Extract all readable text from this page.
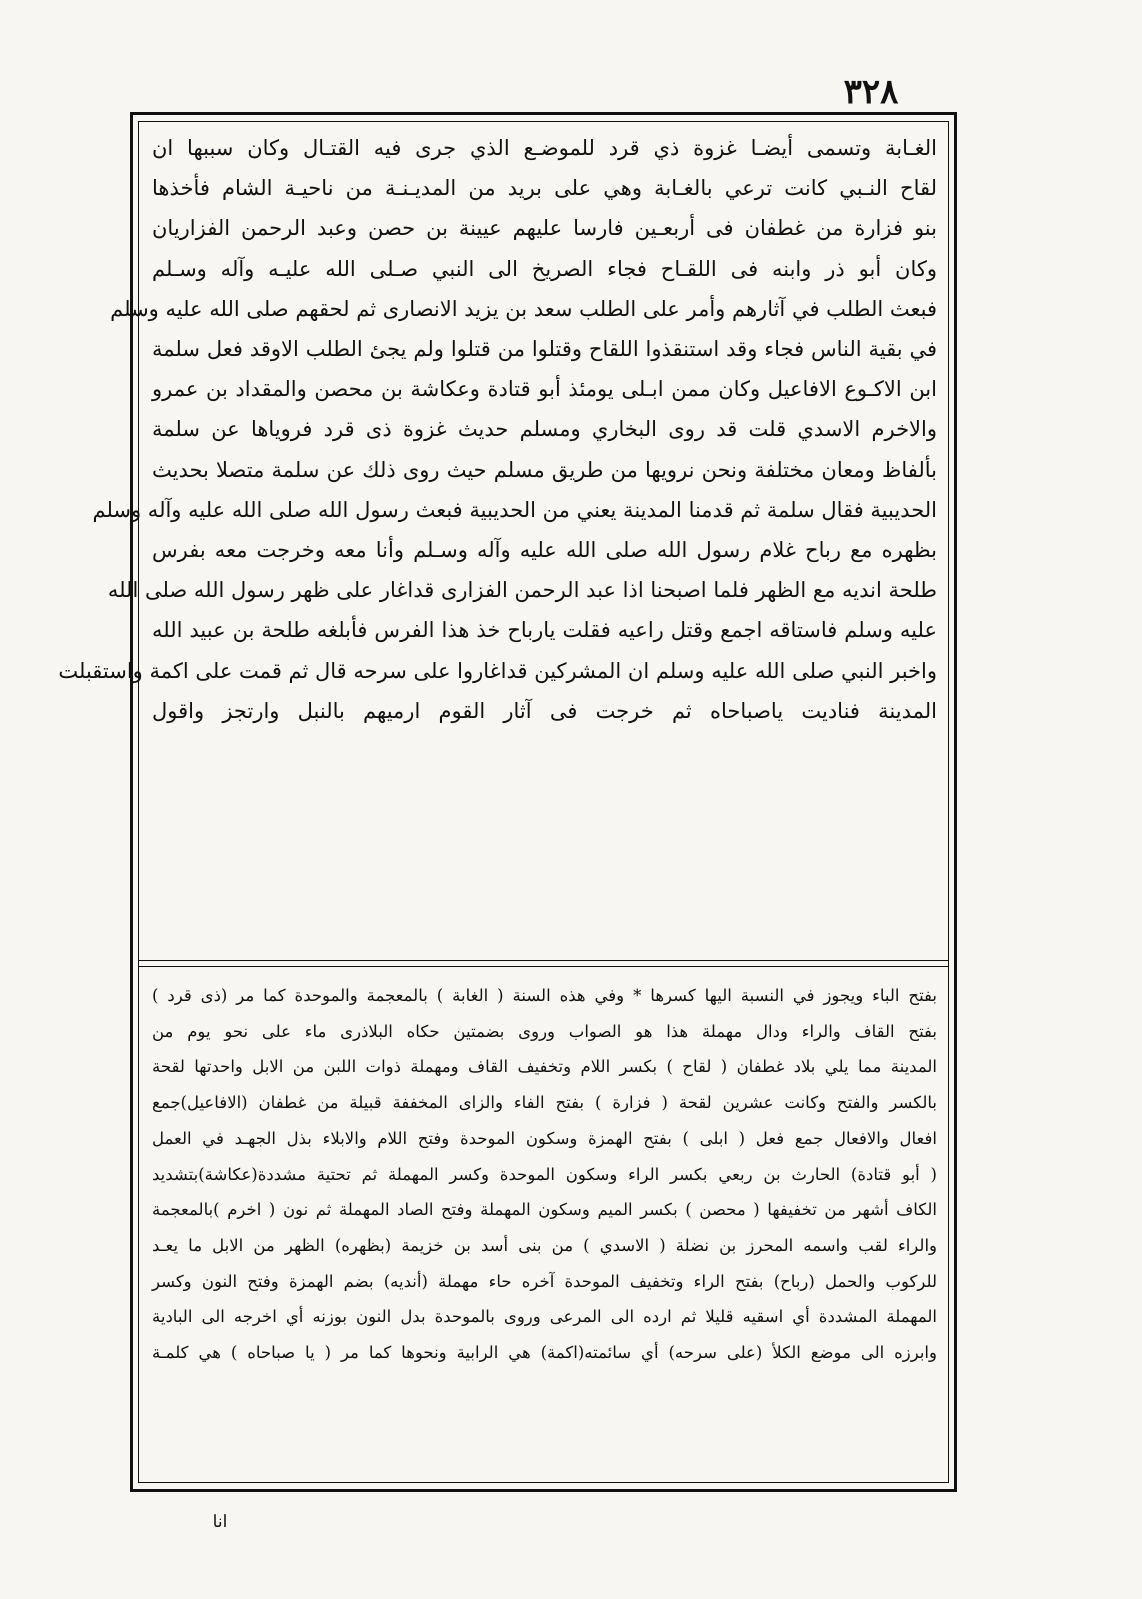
٣٢٨
الغـابة وتسمى أيضـا غزوة ذي قرد للموضـع الذي جرى فيه القتـال وكان سببها ان
لقاح النـبي كانت ترعي بالغـابة وهي على بريد من المديـنـة من ناحيـة الشام فأخذها
بنو فزارة من غطفان فى أربعـين فارسا عليهم عيينة بن حصن وعبد الرحمن الفزاريان
وكان أبو ذر وابنه فى اللقـاح فجاء الصريخ الى النبي صـلى الله عليـه وآله وسـلم
فبعث الطلب في آثارهم وأمر على الطلب سعد بن يزيد الانصارى ثم لحقهم صلى الله عليه وسلم
في بقية الناس فجاء وقد استنقذوا اللقاح وقتلوا من قتلوا ولم يجئ الطلب الاوقد فعل سلمة
ابن الاكـوع الافاعيل وكان ممن ابـلى يومئذ أبو قتادة وعكاشة بن محصن والمقداد بن عمرو
والاخرم الاسدي قلت قد روى البخاري ومسلم حديث غزوة ذى قرد فروياها عن سلمة
بألفاظ ومعان مختلفة ونحن نرويها من طريق مسلم حيث روى ذلك عن سلمة متصلا بحديث
الحديبية فقال سلمة ثم قدمنا المدينة يعني من الحديبية فبعث رسول الله صلى الله عليه وآله وسلم
بظهره مع رباح غلام رسول الله صلى الله عليه وآله وسـلم وأنا معه وخرجت معه بفرس
طلحة انديه مع الظهر فلما اصبحنا اذا عبد الرحمن الفزارى قداغار على ظهر رسول الله صلى الله
عليه وسلم فاستاقه اجمع وقتل راعيه فقلت يارباح خذ هذا الفرس فأبلغه طلحة بن عبيد الله
واخبر النبي صلى الله عليه وسلم ان المشركين قداغاروا على سرحه قال ثم قمت على اكمة واستقبلت
المدينة فناديت ياصباحاه ثم خرجت فى آثار القوم ارميهم بالنبل وارتجز واقول
بفتح الباء ويجوز في النسبة اليها كسرها * وفي هذه السنة ( الغابة ) بالمعجمة والموحدة كما مر (ذى قرد )
بفتح القاف والراء ودال مهملة هذا هو الصواب وروى بضمتين حكاه البلاذرى ماء على نحو يوم من
المدينة مما يلي بلاد غطفان ( لقاح ) بكسر اللام وتخفيف القاف ومهملة ذوات اللبن من الابل واحدتها لقحة
بالكسر والفتح وكانت عشرين لقحة ( فزارة ) بفتح الفاء والزاى المخففة قبيلة من غطفان (الافاعيل)جمع
افعال والافعال جمع فعل ( ابلى ) بفتح الهمزة وسكون الموحدة وفتح اللام والابلاء بذل الجهـد في العمل
( أبو قتادة) الحارث بن ربعي بكسر الراء وسكون الموحدة وكسر المهملة ثم تحتية مشددة(عكاشة)بتشديد
الكاف أشهر من تخفيفها ( محصن ) بكسر الميم وسكون المهملة وفتح الصاد المهملة ثم نون ( اخرم )بالمعجمة
والراء لقب واسمه المحرز بن نضلة ( الاسدي ) من بنى أسد بن خزيمة (بظهره) الظهر من الابل ما يعـد
للركوب والحمل (رباح) بفتح الراء وتخفيف الموحدة آخره حاء مهملة (أنديه) بضم الهمزة وفتح النون وكسر
المهملة المشددة أي اسقيه قليلا ثم ارده الى المرعى وروى بالموحدة بدل النون بوزنه أي اخرجه الى البادية
وابرزه الى موضع الكلأ (على سرحه) أي سائمته(اكمة) هي الرابية ونحوها كما مر ( يا صباحاه ) هي كلمـة
انا
